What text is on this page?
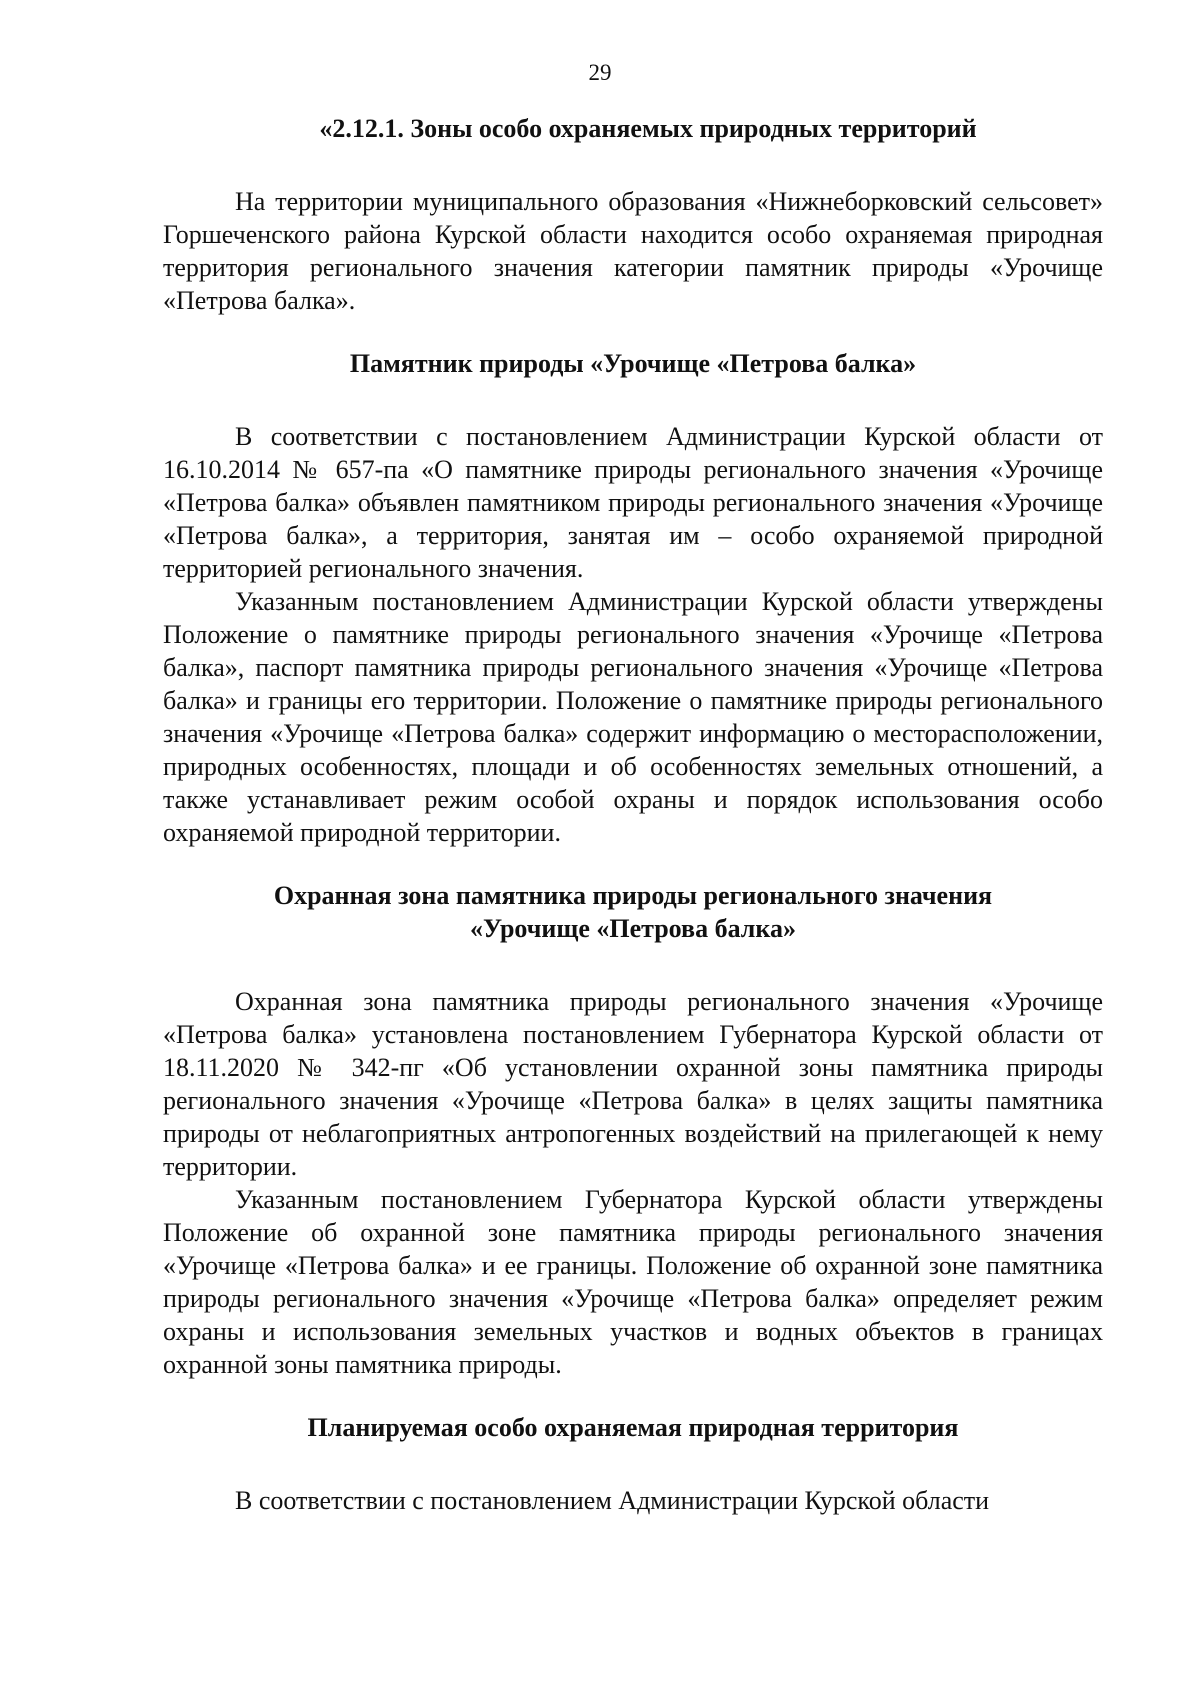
29
«2.12.1. Зоны особо охраняемых природных территорий

На территории муниципального образования «Нижнеборковский сельсовет» Горшеченского района Курской области находится особо охраняемая природная территория регионального значения категории памятник природы «Урочище «Петрова балка».

Памятник природы «Урочище «Петрова балка»

В соответствии с постановлением Администрации Курской области от 16.10.2014 № 657-па «О памятнике природы регионального значения «Урочище «Петрова балка» объявлен памятником природы регионального значения «Урочище «Петрова балка», а территория, занятая им – особо охраняемой природной территорией регионального значения.

Указанным постановлением Администрации Курской области утверждены Положение о памятнике природы регионального значения «Урочище «Петрова балка», паспорт памятника природы регионального значения «Урочище «Петрова балка» и границы его территории. Положение о памятнике природы регионального значения «Урочище «Петрова балка» содержит информацию о месторасположении, природных особенностях, площади и об особенностях земельных отношений, а также устанавливает режим особой охраны и порядок использования особо охраняемой природной территории.

Охранная зона памятника природы регионального значения
«Урочище «Петрова балка»

Охранная зона памятника природы регионального значения «Урочище «Петрова балка» установлена постановлением Губернатора Курской области от 18.11.2020 № 342-пг «Об установлении охранной зоны памятника природы регионального значения «Урочище «Петрова балка» в целях защиты памятника природы от неблагоприятных антропогенных воздействий на прилегающей к нему территории.

Указанным постановлением Губернатора Курской области утверждены Положение об охранной зоне памятника природы регионального значения «Урочище «Петрова балка» и ее границы. Положение об охранной зоне памятника природы регионального значения «Урочище «Петрова балка» определяет режим охраны и использования земельных участков и водных объектов в границах охранной зоны памятника природы.

Планируемая особо охраняемая природная территория

В соответствии с постановлением Администрации Курской области
